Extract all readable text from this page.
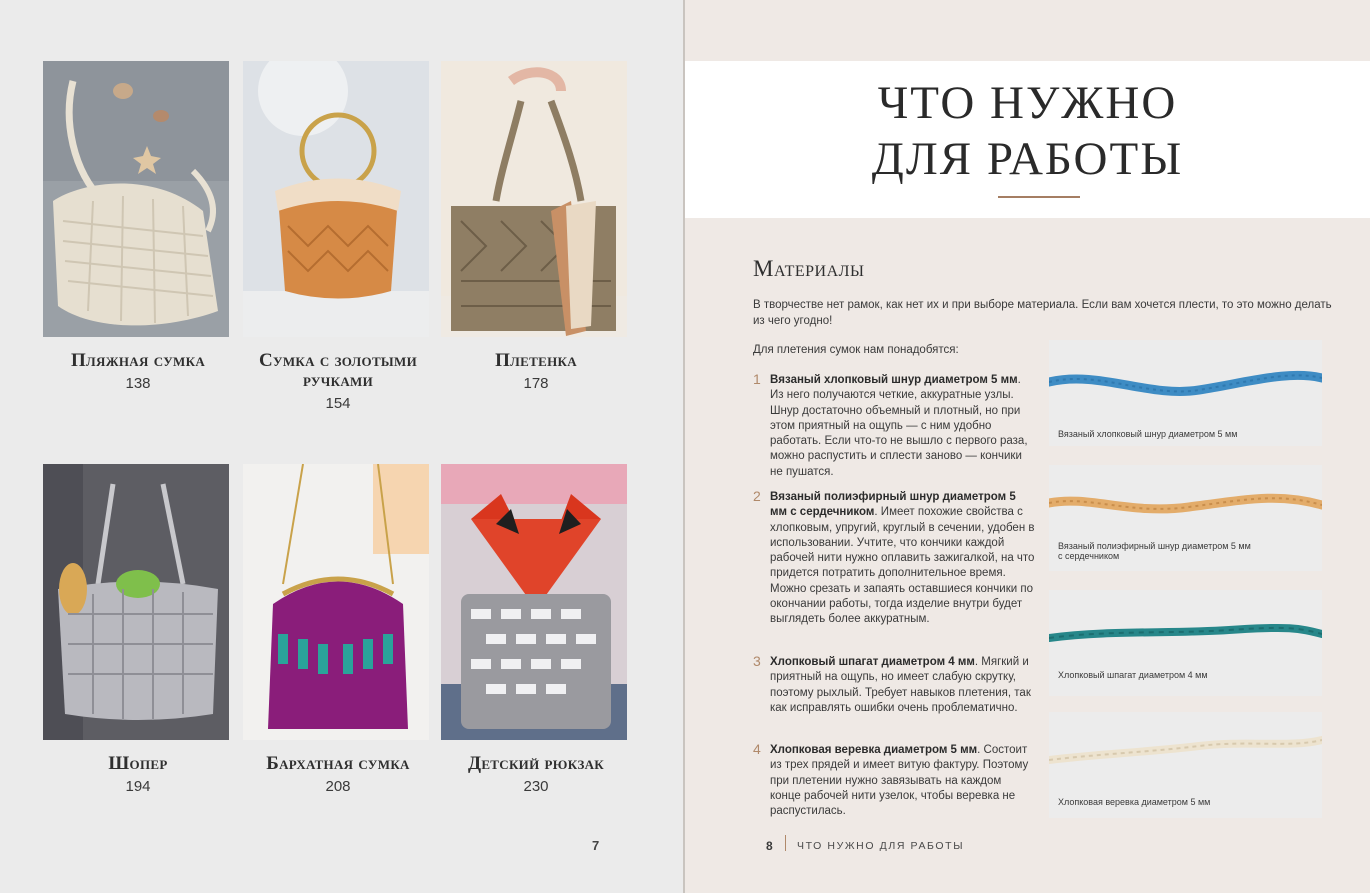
Пляжная сумка
138
Сумка с золотыми ручками
154
Плетенка
178
Шопер
194
Бархатная сумка
208
Детский рюкзак
230
7
ЧТО НУЖНО
ДЛЯ РАБОТЫ
Материалы
В творчестве нет рамок, как нет их и при выборе материала. Если вам хочется плести, то это можно делать из чего угодно!
Для плетения сумок нам понадобятся:
1 Вязаный хлопковый шнур диаметром 5 мм. Из него получаются четкие, аккуратные узлы. Шнур достаточно объемный и плотный, но при этом приятный на ощупь — с ним удобно работать. Если что-то не вышло с первого раза, можно распустить и сплести заново — кончики не пушатся.
2 Вязаный полиэфирный шнур диаметром 5 мм с сердечником. Имеет похожие свойства с хлопковым, упругий, круглый в сечении, удобен в использовании. Учтите, что кончики каждой рабочей нити нужно оплавить зажигалкой, на что придется потратить дополнительное время. Можно срезать и запаять оставшиеся кончики по окончании работы, тогда изделие внутри будет выглядеть более аккуратным.
3 Хлопковый шпагат диаметром 4 мм. Мягкий и приятный на ощупь, но имеет слабую скрутку, поэтому рыхлый. Требует навыков плетения, так как исправлять ошибки очень проблематично.
4 Хлопковая веревка диаметром 5 мм. Состоит из трех прядей и имеет витую фактуру. Поэтому при плетении нужно завязывать на каждом конце рабочей нити узелок, чтобы веревка не распустилась.
Вязаный хлопковый шнур диаметром 5 мм
Вязаный полиэфирный шнур диаметром 5 мм
с сердечником
Хлопковый шпагат диаметром 4 мм
Хлопковая веревка диаметром 5 мм
8 ЧТО НУЖНО ДЛЯ РАБОТЫ
